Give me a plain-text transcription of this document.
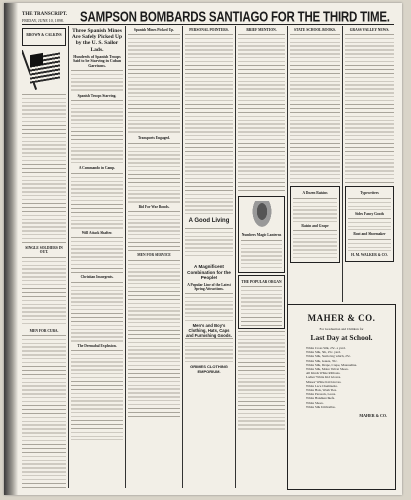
THE TRANSCRIPT.
FRIDAY, JUNE 10, 1898. SAMPSON BOMBARDS SANTIAGO FOR THE THIRD TIME.
BROWN & CALKINS
SINGLE SOLDIERS IN OUT.
MEN FOR CUBA.
Three Spanish Mines Are Safely Picked Up by the U. S. Sailor Lads.
Hundreds of Spanish Troops Said to be Starving in Cuban Garrisons.
Spanish Troops Starving.
A Commando in Camp.
Will Attack Shafter.
Christian Insurgents.
The Dermabal Explosion.
Spanish Mines Picked Up.
Transports Engaged.
Bid For War Bonds.
MEN FOR SERVICE
PERSONAL POINTERS.
A Good Living
A Magnificent Combination for the People!
A Popular Line of the Latest Spring Attractions.
Men's and Boy's Clothing, Hats, Caps and Furnishing Goods.
GRIMES CLOTHING EMPORIUM.
BRIEF MENTION.
Numbers Magic Lanterns
THE POPULAR ORGAN
STATE SCHOOL BOOKS.
A Dozen Raisins
Raisin and Grape
GRASS VALLEY NEWS.
Typewriters
Sides Fancy Goods
Boot and Shoemaker
H. M. WALKER & CO.
MAHER & CO.
For Graduation and Children for
Last Day at School.
White Cross Silk, 25c. a yard.
White Silk, 5th, 25c. yard.
White Silk, Stem ring which, 25c.
White Silk, Gauze, 35c.
White Silk, Drape, Crepe, Mousseline.
White Silk, Moire Velvet Shoes.
All Kinds White Ribbons.
Ladies' White Kid Gloves.
Misses' White Kid Gloves.
White Lace Chemisette.
White Hats, Wash Ties.
White Parasols, Laces.
White Handkerchiefs.
White Shoes.
White Silk Umbrellas.
MAHER & CO.
